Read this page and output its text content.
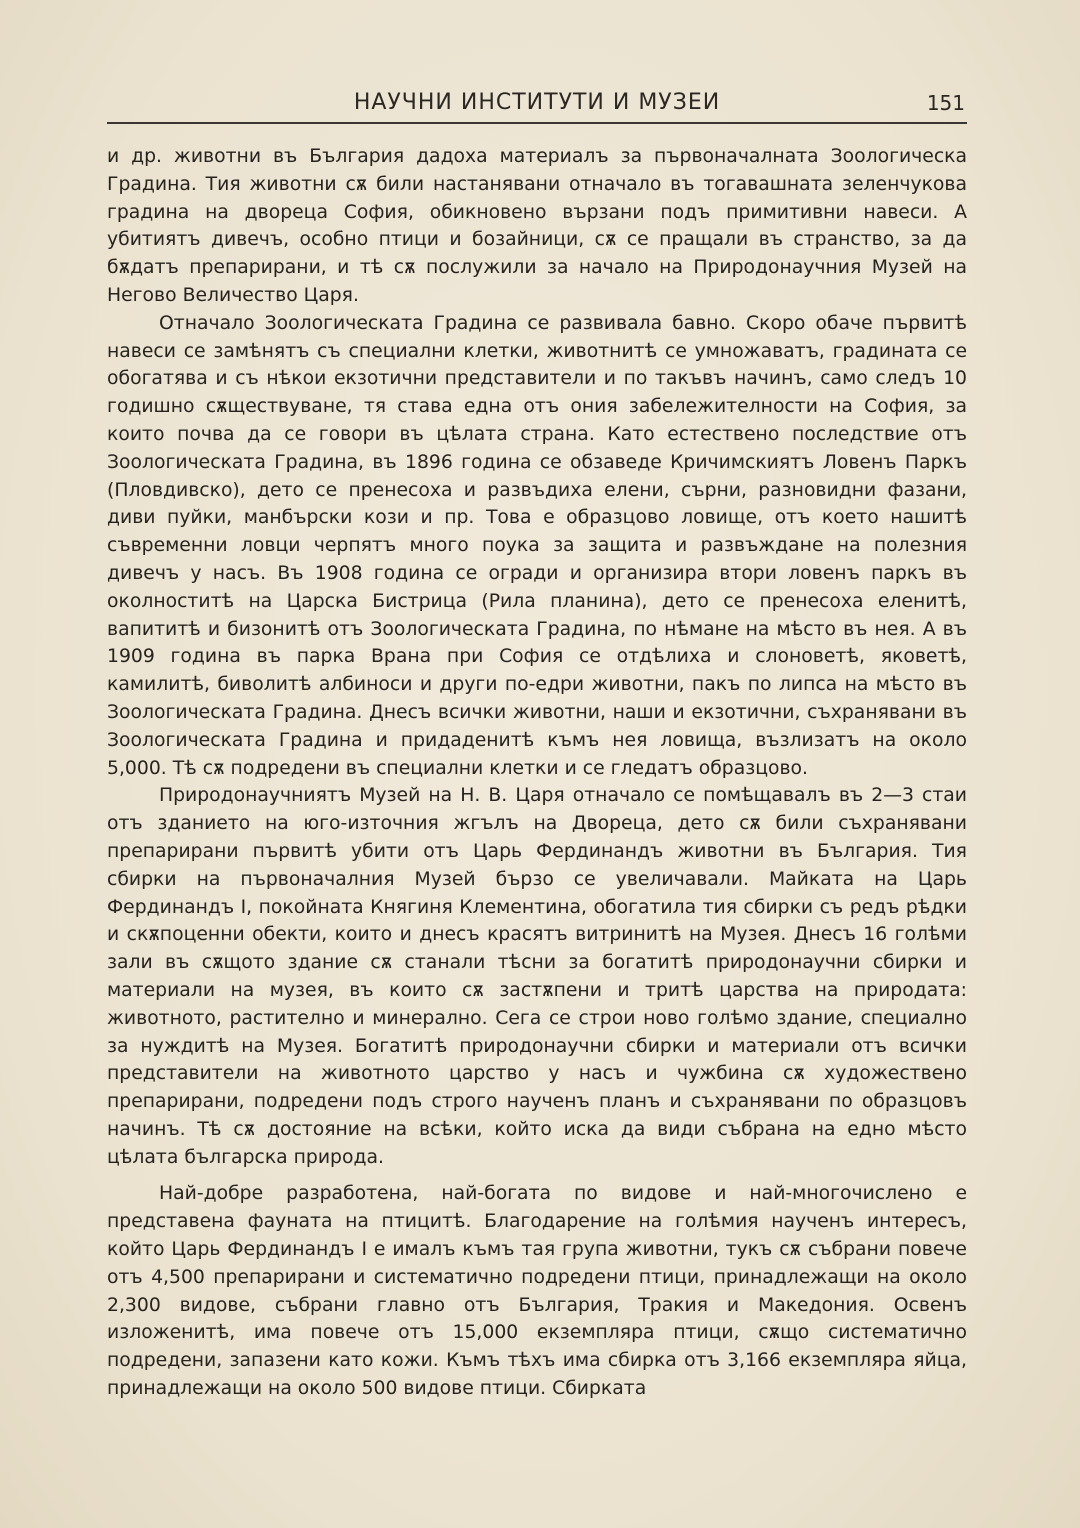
НАУЧНИ ИНСТИТУТИ И МУЗЕИ	151

и др. животни въ България дадоха материалъ за първоначалната Зоологическа Градина. Тия животни сѫ били настанявани отначало въ тогавашната зеленчукова градина на двореца София, обикновено вързани подъ примитивни навеси. А убитиятъ дивечъ, особно птици и бозайници, сѫ се пращали въ странство, за да бѫдатъ препарирани, и тѣ сѫ послужили за начало на Природонаучния Музей на Негово Величество Царя.

Отначало Зоологическата Градина се развивала бавно. Скоро обаче първитѣ навеси се замѣнятъ съ специални клетки, животнитѣ се умножаватъ, градината се обогатява и съ нѣкои екзотични представители и по такъвъ начинъ, само следъ 10 годишно сѫществуване, тя става една отъ ония забележителности на София, за които почва да се говори въ цѣлата страна. Като естествено последствие отъ Зоологическата Градина, въ 1896 година се обзаведе Кричимскиятъ Ловенъ Паркъ (Пловдивско), дето се пренесоха и развъдиха елени, сърни, разновидни фазани, диви пуйки, манбърски кози и пр. Това е образцово ловище, отъ което нашитѣ съвременни ловци черпятъ много поука за защита и развъждане на полезния дивечъ у насъ. Въ 1908 година се огради и организира втори ловенъ паркъ въ околноститѣ на Царска Бистрица (Рила планина), дето се пренесоха еленитѣ, вапититѣ и бизонитѣ отъ Зоологическата Градина, по нѣмане на мѣсто въ нея. А въ 1909 година въ парка Врана при София се отдѣлиха и слоноветѣ, яковетѣ, камилитѣ, биволитѣ албиноси и други по-едри животни, пакъ по липса на мѣсто въ Зоологическата Градина. Днесъ всички животни, наши и екзотични, съхранявани въ Зоологическата Градина и придаденитѣ къмъ нея ловища, възлизатъ на около 5,000. Тѣ сѫ подредени въ специални клетки и се гледатъ образцово.

Природонаучниятъ Музей на Н. В. Царя отначало се помѣщавалъ въ 2—3 стаи отъ зданието на юго-източния жгълъ на Двореца, дето сѫ били съхранявани препарирани първитѣ убити отъ Царь Фердинандъ животни въ България. Тия сбирки на първоначалния Музей бързо се увеличавали. Майката на Царь Фердинандъ I, покойната Княгиня Клементина, обогатила тия сбирки съ редъ рѣдки и скѫпоценни обекти, които и днесъ красятъ витринитѣ на Музея. Днесъ 16 голѣми зали въ сѫщото здание сѫ станали тѣсни за богатитѣ природонаучни сбирки и материали на музея, въ които сѫ застѫпени и тритѣ царства на природата: животното, растително и минерално. Сега се строи ново голѣмо здание, специално за нуждитѣ на Музея. Богатитѣ природонаучни сбирки и материали отъ всички представители на животното царство у насъ и чужбина сѫ художествено препарирани, подредени подъ строго наученъ планъ и съхранявани по образцовъ начинъ. Тѣ сѫ достояние на всѣки, който иска да види събрана на едно мѣсто цѣлата българска природа.

Най-добре разработена, най-богата по видове и най-многочислено е представена фауната на птицитѣ. Благодарение на голѣмия наученъ интересъ, който Царь Фердинандъ I е ималъ къмъ тая група животни, тукъ сѫ събрани повече отъ 4,500 препарирани и систематично подредени птици, принадлежащи на около 2,300 видове, събрани главно отъ България, Тракия и Македония. Освенъ изложенитѣ, има повече отъ 15,000 екземпляра птици, сѫщо систематично подредени, запазени като кожи. Къмъ тѣхъ има сбирка отъ 3,166 екземпляра яйца, принадлежащи на около 500 видове птици. Сбирката
